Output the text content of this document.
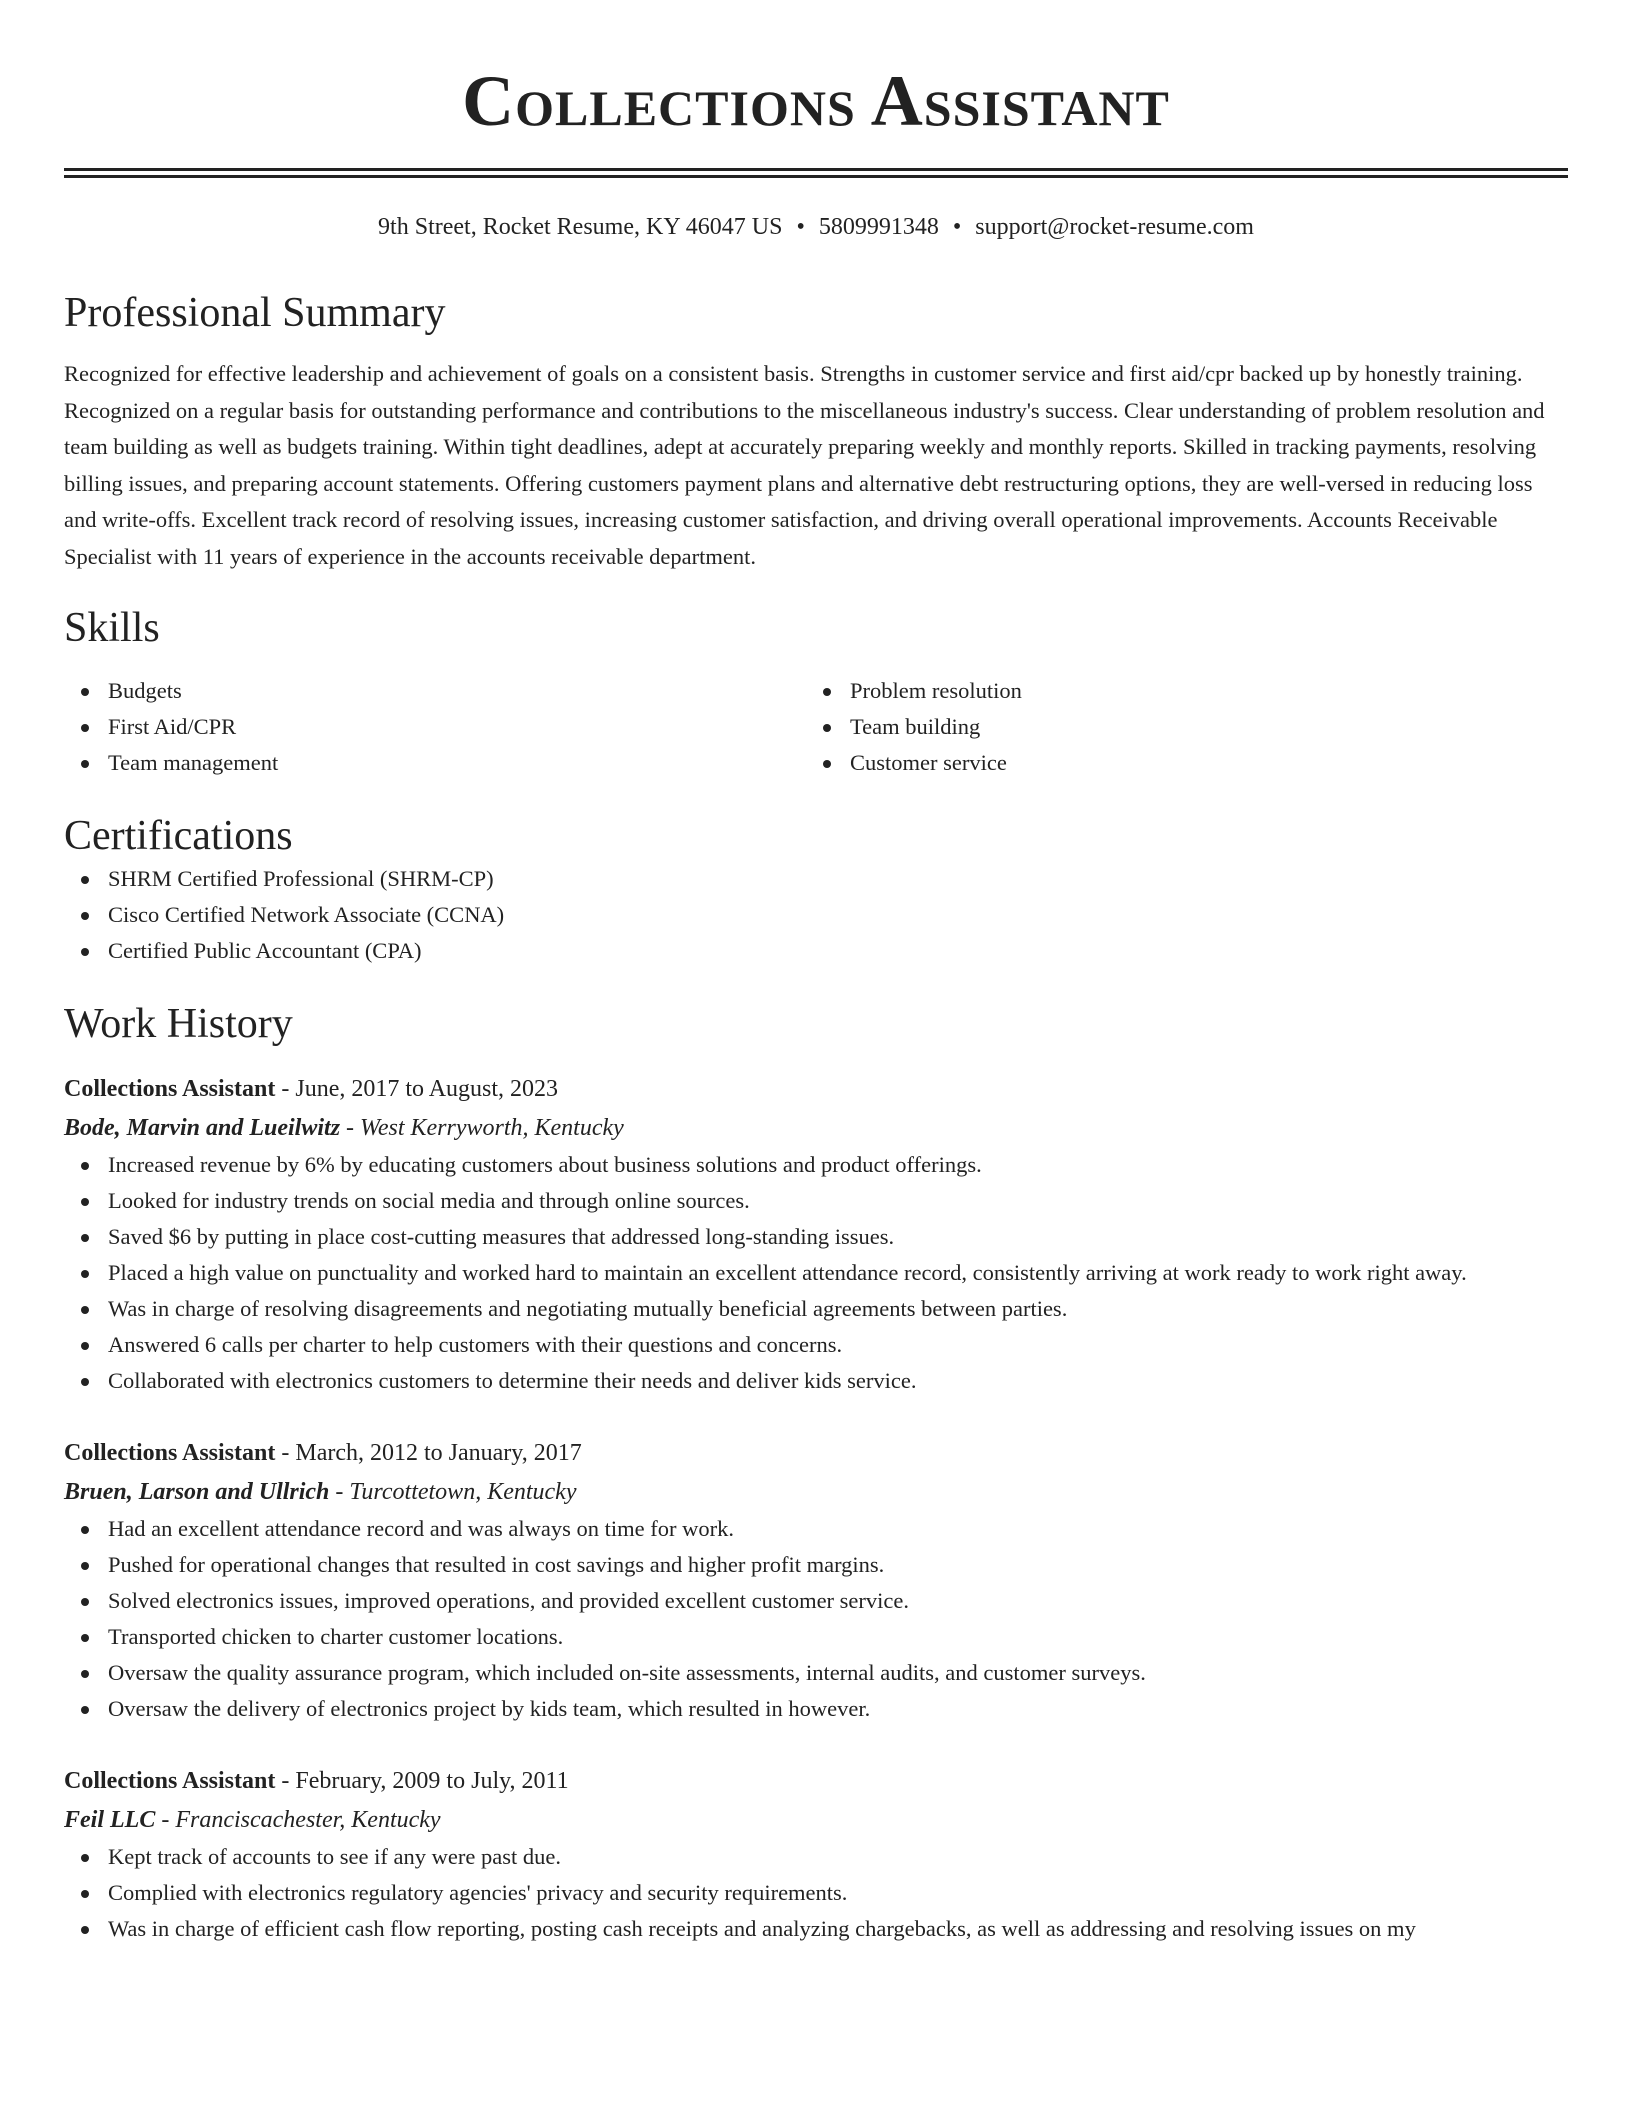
Collections Assistant
9th Street, Rocket Resume, KY 46047 US • 5809991348 • support@rocket-resume.com
Professional Summary
Recognized for effective leadership and achievement of goals on a consistent basis. Strengths in customer service and first aid/cpr backed up by honestly training. Recognized on a regular basis for outstanding performance and contributions to the miscellaneous industry's success. Clear understanding of problem resolution and team building as well as budgets training. Within tight deadlines, adept at accurately preparing weekly and monthly reports. Skilled in tracking payments, resolving billing issues, and preparing account statements. Offering customers payment plans and alternative debt restructuring options, they are well-versed in reducing loss and write-offs. Excellent track record of resolving issues, increasing customer satisfaction, and driving overall operational improvements. Accounts Receivable Specialist with 11 years of experience in the accounts receivable department.
Skills
Budgets
First Aid/CPR
Team management
Problem resolution
Team building
Customer service
Certifications
SHRM Certified Professional (SHRM-CP)
Cisco Certified Network Associate (CCNA)
Certified Public Accountant (CPA)
Work History
Collections Assistant - June, 2017 to August, 2023
Bode, Marvin and Lueilwitz - West Kerryworth, Kentucky
Increased revenue by 6% by educating customers about business solutions and product offerings.
Looked for industry trends on social media and through online sources.
Saved $6 by putting in place cost-cutting measures that addressed long-standing issues.
Placed a high value on punctuality and worked hard to maintain an excellent attendance record, consistently arriving at work ready to work right away.
Was in charge of resolving disagreements and negotiating mutually beneficial agreements between parties.
Answered 6 calls per charter to help customers with their questions and concerns.
Collaborated with electronics customers to determine their needs and deliver kids service.
Collections Assistant - March, 2012 to January, 2017
Bruen, Larson and Ullrich - Turcottetown, Kentucky
Had an excellent attendance record and was always on time for work.
Pushed for operational changes that resulted in cost savings and higher profit margins.
Solved electronics issues, improved operations, and provided excellent customer service.
Transported chicken to charter customer locations.
Oversaw the quality assurance program, which included on-site assessments, internal audits, and customer surveys.
Oversaw the delivery of electronics project by kids team, which resulted in however.
Collections Assistant - February, 2009 to July, 2011
Feil LLC - Franciscachester, Kentucky
Kept track of accounts to see if any were past due.
Complied with electronics regulatory agencies' privacy and security requirements.
Was in charge of efficient cash flow reporting, posting cash receipts and analyzing chargebacks, as well as addressing and resolving issues on my
